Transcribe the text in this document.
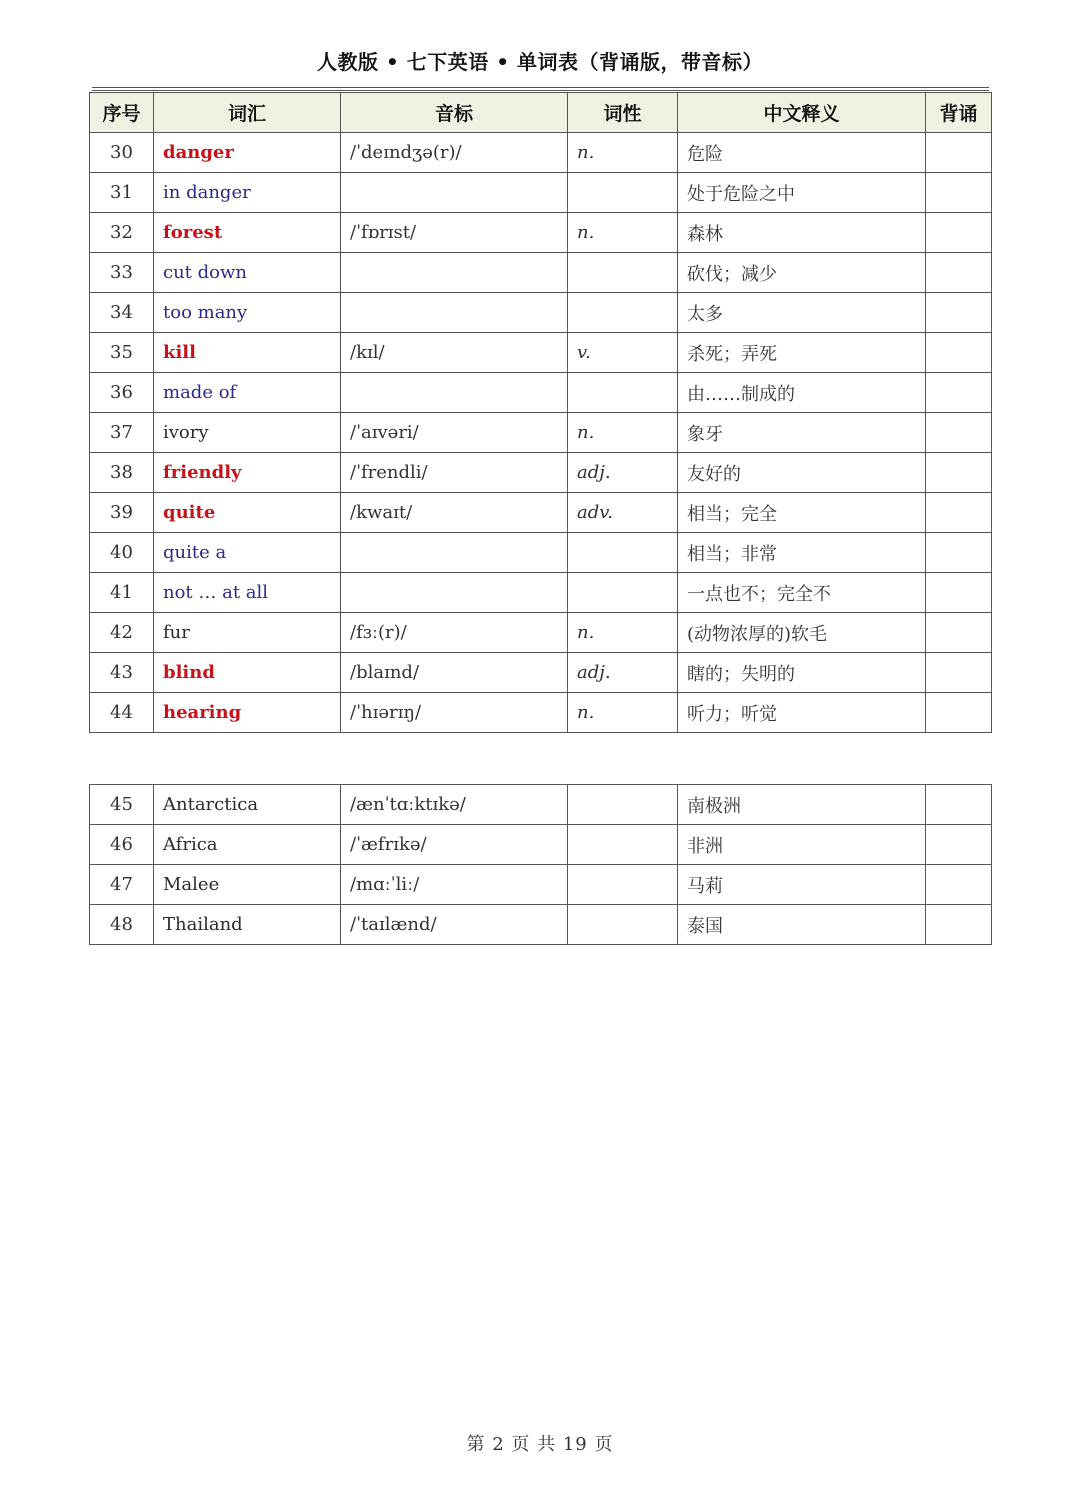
人教版 • 七下英语 • 单词表（背诵版，带音标）
序号	词汇	音标	词性	中文释义	背诵
30	danger	/ˈdeɪndʒə(r)/	n.	危险	
31	in danger			处于危险之中	
32	forest	/ˈfɒrɪst/	n.	森林	
33	cut down			砍伐；减少	
34	too many			太多	
35	kill	/kɪl/	v.	杀死；弄死	
36	made of			由……制成的	
37	ivory	/ˈaɪvəri/	n.	象牙	
38	friendly	/ˈfrendli/	adj.	友好的	
39	quite	/kwaɪt/	adv.	相当；完全	
40	quite a			相当；非常	
41	not … at all			一点也不；完全不	
42	fur	/fɜː(r)/	n.	(动物浓厚的)软毛	
43	blind	/blaɪnd/	adj.	瞎的；失明的	
44	hearing	/ˈhɪərɪŋ/	n.	听力；听觉	
45	Antarctica	/ænˈtɑːktɪkə/		南极洲	
46	Africa	/ˈæfrɪkə/		非洲	
47	Malee	/mɑːˈliː/		马莉	
48	Thailand	/ˈtaɪlænd/		泰国	
第 2 页 共 19 页
